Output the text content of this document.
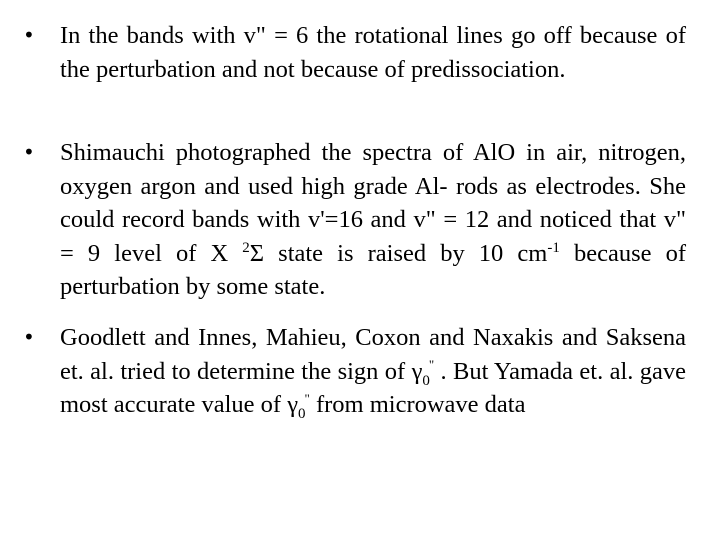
• In the bands with v" = 6 the rotational lines go off because of the perturbation and not because of predissociation.
• Shimauchi photographed the spectra of AlO in air, nitrogen, oxygen argon and used high grade Al- rods as electrodes. She could record bands with v'=16 and v" = 12 and noticed that v" = 9 level of X $^2$Σ state is raised by 10 $cm^{-1}$ because of perturbation by some state.
• Goodlett and Innes, Mahieu, Coxon and Naxakis and Saksena et. al. tried to determine the sign of $\gamma_0^"$ . But Yamada et. al. gave most accurate value of $\gamma_0^"$ from microwave data
